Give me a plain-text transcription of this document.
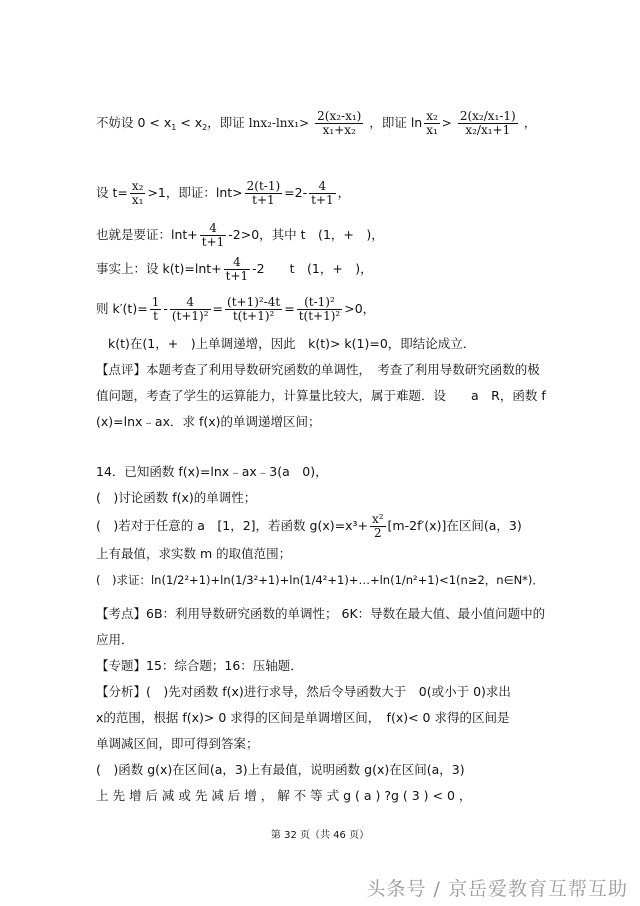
不妨设 $0 < x_1 < x_2$，即证 $\ln x_2-\ln x_1> \frac{\text{2(x₂-x₁)}}{\text{x₁+x₂}}$ ，即证 $\ln \frac{\text{x₂}}{\text{x₁}} > \frac{\text{2(x₂/x₁-1)}}{\text{x₂/x₁+1}}$ ，
设 $t= \frac{\text{x₂}}{\text{x₁}} >1$，即证：$\ln t> \frac{2(t-1)}{t+1} =2- \frac{4}{t+1}$ ，
也就是要证：$\ln t+ \frac{4}{t+1} -2>0$，其中 t　(1，+　)，
事实上：设 $k(t)=\ln t+ \frac{4}{t+1} -2$　　t　(1，+　)，
则 $k'(t)= \frac{1}{t} - \frac{4}{\text{(t+1)²}} = \frac{\text{(t+1)²-4t}}{\text{t(t+1)²}} = \frac{\text{(t-1)²}}{\text{t(t+1)²}} >0$，
k(t)在(1，+　)上单调递增，因此　k(t)> k(1)=0，即结论成立．
【点评】本题考查了利用导数研究函数的单调性，　考查了利用导数研究函数的极
值问题，考查了学生的运算能力，计算量比较大，属于难题．设　　a　R，函数 f
(x)=lnx﹣ax．求 f(x)的单调递增区间；
14．已知函数 f(x)=lnx﹣ax﹣3(a　0)，
(　)讨论函数 f(x)的单调性；
(　)若对于任意的 a　[1，2]，若函数 $g(x)=x^3+ \frac{\text{x²}}{2} [m-2f'(x)]$在区间(a，3)
上有最值，求实数 m 的取值范围；
(　)求证：ln(1/2²+1)+ln(1/3²+1)+ln(1/4²+1)+…+ln(1/n²+1)<1(n≥2，n∈N*)．
【考点】6B：利用导数研究函数的单调性； 6K：导数在最大值、最小值问题中的
应用．
【专题】15：综合题；16：压轴题．
【分析】(　)先对函数 f(x)进行求导，然后令导函数大于　0(或小于 0)求出
x的范围，根据 f(x)> 0 求得的区间是单调增区间，　f(x)< 0 求得的区间是
单调减区间，即可得到答案；
(　)函数 g(x)在区间(a，3)上有最值，说明函数 g(x)在区间(a，3)
上 先 增 后 减 或 先 减 后 增 ， 解 不 等 式 g ( a ) ?g ( 3 ) < 0 ，
第 32 页（共 46 页）
头条号 / 京岳爱教育互帮互助
